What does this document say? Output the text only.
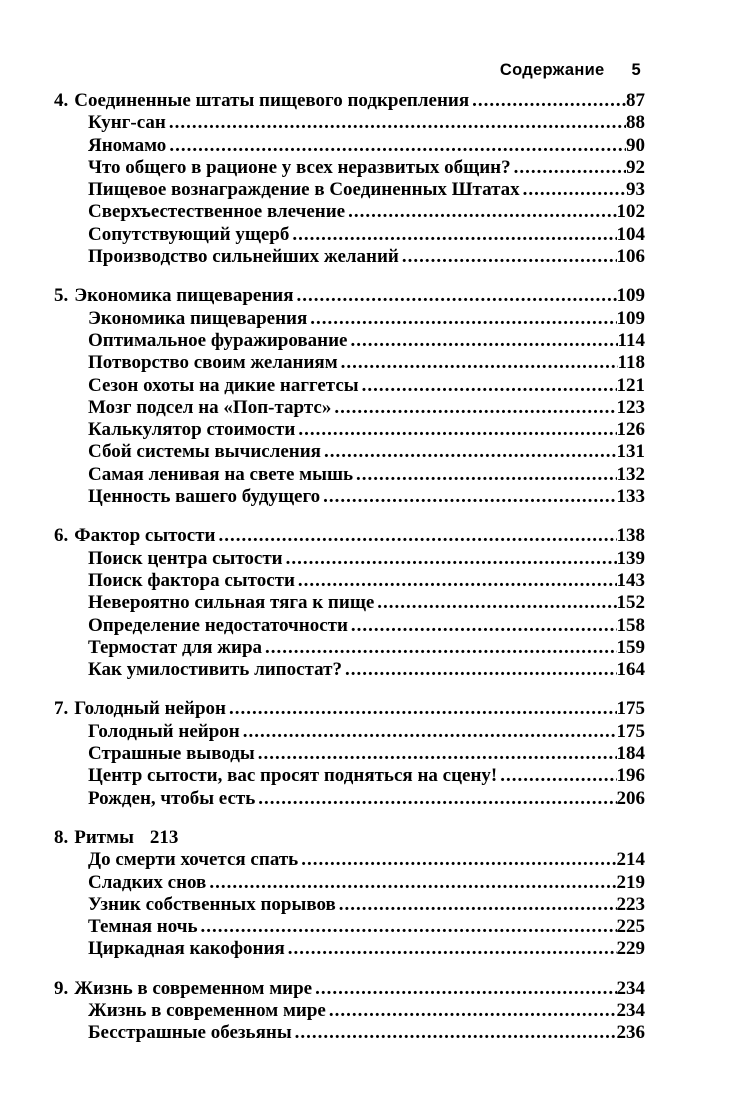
Содержание 5
4. Соединенные штаты пищевого подкрепления .....	87
Кунг-сан .....	88
Яномамо .....	90
Что общего в рационе у всех неразвитых общин? .....	92
Пищевое вознаграждение в Соединенных Штатах .....	93
Сверхъестественное влечение .....	102
Сопутствующий ущерб .....	104
Производство сильнейших желаний .....	106
5. Экономика пищеварения .....	109
Экономика пищеварения .....	109
Оптимальное фуражирование .....	114
Потворство своим желаниям .....	118
Сезон охоты на дикие наггетсы .....	121
Мозг подсел на «Поп-тартс» .....	123
Калькулятор стоимости .....	126
Сбой системы вычисления .....	131
Самая ленивая на свете мышь .....	132
Ценность вашего будущего .....	133
6. Фактор сытости .....	138
Поиск центра сытости .....	139
Поиск фактора сытости .....	143
Невероятно сильная тяга к пище .....	152
Определение недостаточности .....	158
Термостат для жира .....	159
Как умилостивить липостат? .....	164
7. Голодный нейрон .....	175
Голодный нейрон .....	175
Страшные выводы .....	184
Центр сытости, вас просят подняться на сцену! .....	196
Рожден, чтобы есть .....	206
8. Ритмы 213
До смерти хочется спать .....	214
Сладких снов .....	219
Узник собственных порывов .....	223
Темная ночь .....	225
Циркадная какофония .....	229
9. Жизнь в современном мире .....	234
Жизнь в современном мире .....	234
Бесстрашные обезьяны .....	236
